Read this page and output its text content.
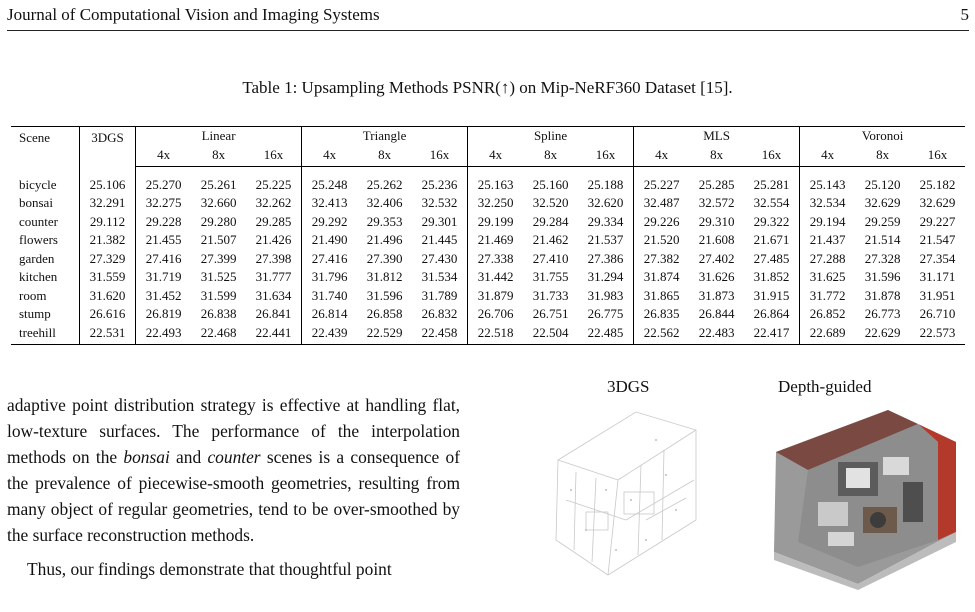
Journal of Computational Vision and Imaging Systems	5
Table 1: Upsampling Methods PSNR(↑) on Mip-NeRF360 Dataset [15].
Scene	3DGS	Linear			Triangle			Spline			MLS			Voronoi		
		4x	8x	16x	4x	8x	16x	4x	8x	16x	4x	8x	16x	4x	8x	16x

bicycle	25.106	25.270	25.261	25.225	25.248	25.262	25.236	25.163	25.160	25.188	25.227	25.285	25.281	25.143	25.120	25.182
bonsai	32.291	32.275	32.660	32.262	32.413	32.406	32.532	32.250	32.520	32.620	32.487	32.572	32.554	32.534	32.629	32.629
counter	29.112	29.228	29.280	29.285	29.292	29.353	29.301	29.199	29.284	29.334	29.226	29.310	29.322	29.194	29.259	29.227
flowers	21.382	21.455	21.507	21.426	21.490	21.496	21.445	21.469	21.462	21.537	21.520	21.608	21.671	21.437	21.514	21.547
garden	27.329	27.416	27.399	27.398	27.416	27.390	27.430	27.338	27.410	27.386	27.382	27.402	27.485	27.288	27.328	27.354
kitchen	31.559	31.719	31.525	31.777	31.796	31.812	31.534	31.442	31.755	31.294	31.874	31.626	31.852	31.625	31.596	31.171
room	31.620	31.452	31.599	31.634	31.740	31.596	31.789	31.879	31.733	31.983	31.865	31.873	31.915	31.772	31.878	31.951
stump	26.616	26.819	26.838	26.841	26.814	26.858	26.832	26.706	26.751	26.775	26.835	26.844	26.864	26.852	26.773	26.710
treehill	22.531	22.493	22.468	22.441	22.439	22.529	22.458	22.518	22.504	22.485	22.562	22.483	22.417	22.689	22.629	22.573

adaptive point distribution strategy is effective at handling flat, low-texture surfaces. The performance of the interpolation methods on the bonsai and counter scenes is a consequence of the prevalence of piecewise-smooth geometries, resulting from many object of regular geometries, tend to be over-smoothed by the surface reconstruction methods.

Thus, our findings demonstrate that thoughtful point

3DGS	Depth-guided
